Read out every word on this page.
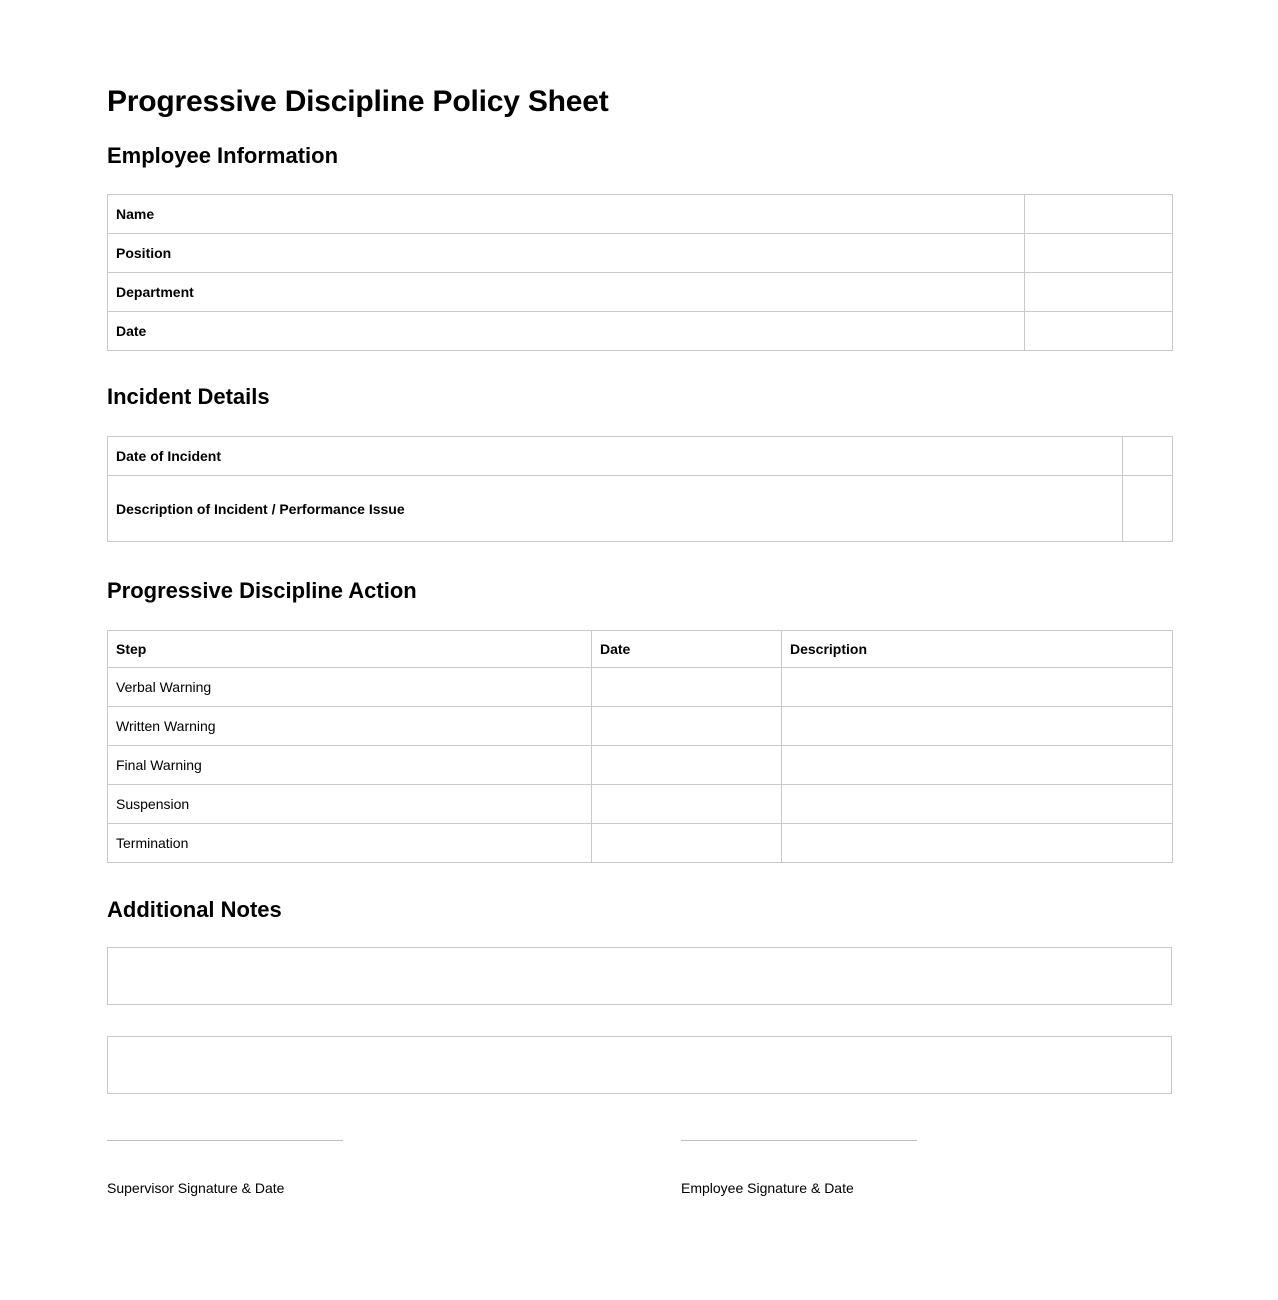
Progressive Discipline Policy Sheet
Employee Information
Name	
Position	
Department	
Date	
Incident Details
Date of Incident	
Description of Incident / Performance Issue	
Progressive Discipline Action
Step	Date	Description
Verbal Warning		
Written Warning		
Final Warning		
Suspension		
Termination		
Additional Notes
Supervisor Signature & Date	Employee Signature & Date
